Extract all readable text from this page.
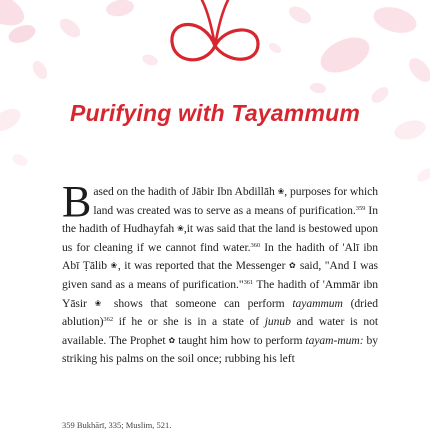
Purifying with Tayammum

Based on the hadith of Jābir Ibn Abdillāh ❀, purposes for which land was created was to serve as a means of purification.$^{359}$ In the hadith of Hudhayfah ❀,it was said that the land is bestowed upon us for cleaning if we cannot find water.$^{360}$ In the hadith of 'Alī ibn Abī Ṭālib ❀, it was reported that the Messenger ✿ said, "And I was given sand as a means of purification."$^{361}$ The hadith of 'Ammār ibn Yāsir ❀ shows that someone can perform tayammum (dried ablution)$^{362}$ if he or she is in a state of junub and water is not available. The Prophet ✿ taught him how to perform tayam-mum: by striking his palms on the soil once; rubbing his left

359 Bukhārī, 335; Muslim, 521.
